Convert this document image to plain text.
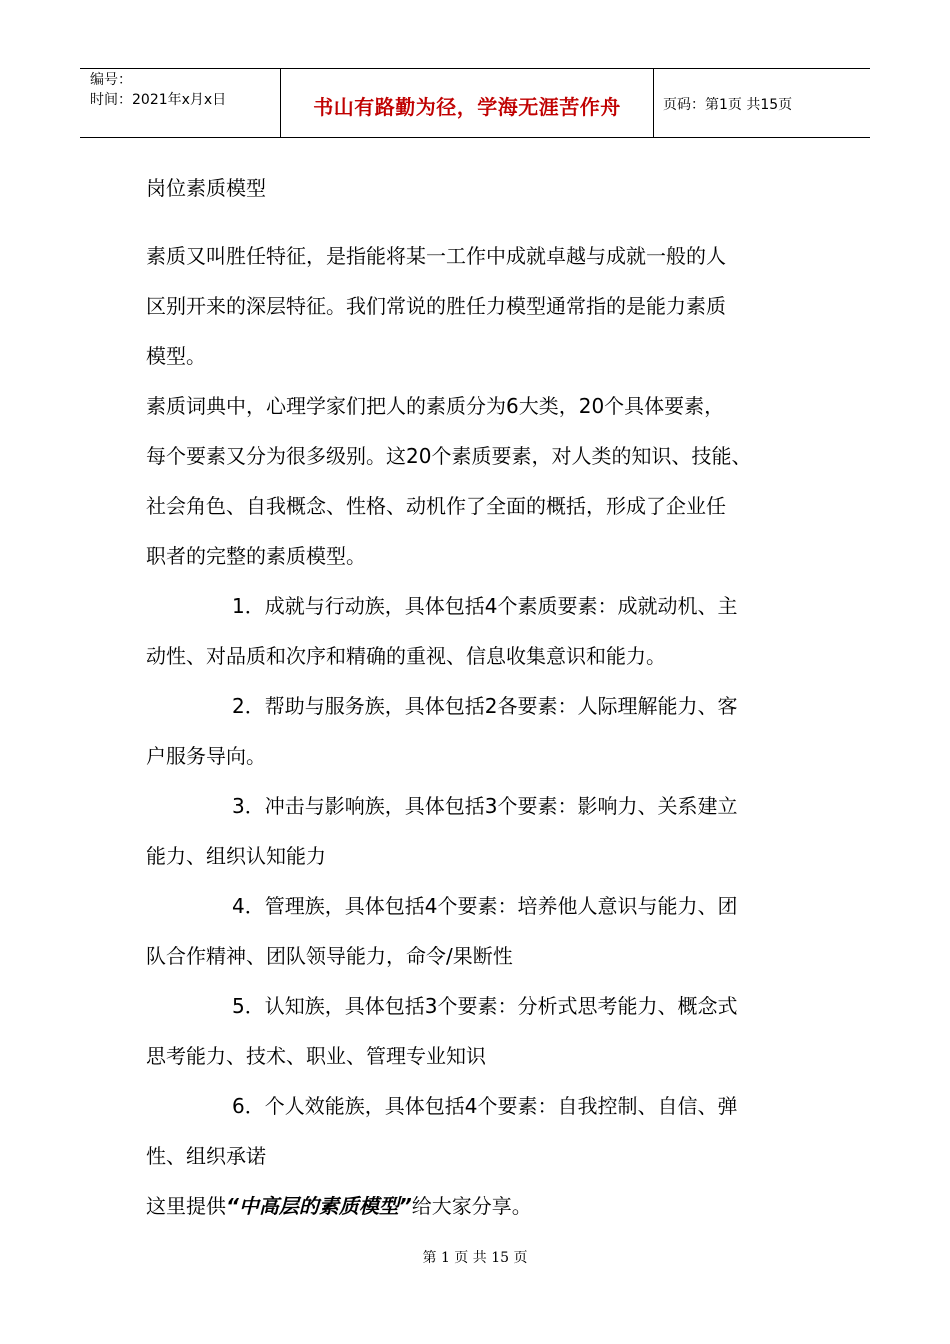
编号：
时间：2021年x月x日	书山有路勤为径，学海无涯苦作舟	页码：第1页 共15页
岗位素质模型
素质又叫胜任特征，是指能将某一工作中成就卓越与成就一般的人
区别开来的深层特征。我们常说的胜任力模型通常指的是能力素质
模型。
素质词典中，心理学家们把人的素质分为6大类，20个具体要素，
每个要素又分为很多级别。这20个素质要素，对人类的知识、技能、
社会角色、自我概念、性格、动机作了全面的概括，形成了企业任
职者的完整的素质模型。
1．成就与行动族，具体包括4个素质要素：成就动机、主
动性、对品质和次序和精确的重视、信息收集意识和能力。
2．帮助与服务族，具体包括2各要素：人际理解能力、客
户服务导向。
3．冲击与影响族，具体包括3个要素：影响力、关系建立
能力、组织认知能力
4．管理族，具体包括4个要素：培养他人意识与能力、团
队合作精神、团队领导能力，命令/果断性
5．认知族，具体包括3个要素：分析式思考能力、概念式
思考能力、技术、职业、管理专业知识
6．个人效能族，具体包括4个要素：自我控制、自信、弹
性、组织承诺
这里提供“中高层的素质模型”给大家分享。
第 1 页 共 15 页
